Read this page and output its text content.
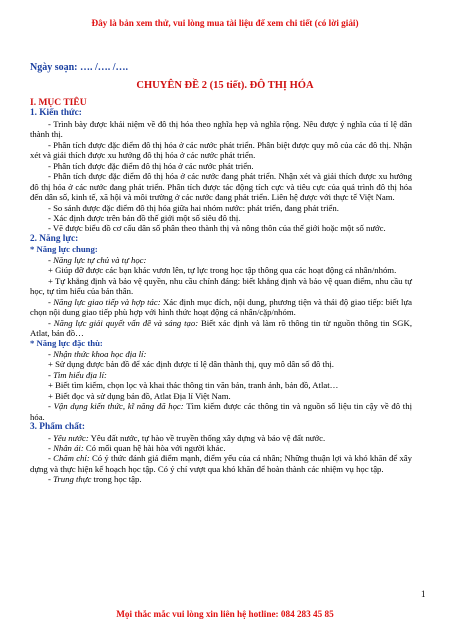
Đây là bản xem thử, vui lòng mua tài liệu để xem chi tiết (có lời giải)
Ngày soạn: …. /…. /….
CHUYÊN ĐỀ 2 (15 tiết). ĐÔ THỊ HÓA

I. MỤC TIÊU

1. Kiến thức:

- Trình bày được khái niệm về đô thị hóa theo nghĩa hẹp và nghĩa rộng. Nêu được ý nghĩa của tỉ lệ dân thành thị.

- Phân tích được đặc điểm đô thị hóa ở các nước phát triển. Phân biệt được quy mô của các đô thị. Nhận xét và giải thích được xu hướng đô thị hóa ở các nước phát triển.

- Phân tích được đặc điểm đô thị hóa ở các nước phát triển.

- Phân tích được đặc điểm đô thị hóa ở các nước đang phát triển. Nhận xét và giải thích được xu hướng đô thị hóa ở các nước đang phát triển. Phân tích được tác động tích cực và tiêu cực của quá trình đô thị hóa đến dân số, kinh tế, xã hội và môi trường ở các nước đang phát triển. Liên hệ được với thực tế Việt Nam.

- So sánh được đặc điểm đô thị hóa giữa hai nhóm nước: phát triển, đang phát triển.

- Xác định được trên bản đồ thế giới một số siêu đô thị.

- Vẽ được biểu đồ cơ cấu dân số phân theo thành thị và nông thôn của thế giới hoặc một số nước.

2. Năng lực:

* Năng lực chung:

- Năng lực tự chủ và tự học:

+ Giúp đỡ được các bạn khác vươn lên, tự lực trong học tập thông qua các hoạt động cá nhân/nhóm.

+ Tự khẳng định và bảo vệ quyền, nhu cầu chính đáng: biết khẳng định và bảo vệ quan điểm, nhu cầu tự học, tự tìm hiểu của bản thân.

- Năng lực giao tiếp và hợp tác: Xác định mục đích, nội dung, phương tiện và thái độ giao tiếp: biết lựa chọn nội dung giao tiếp phù hợp với hình thức hoạt động cá nhân/cặp/nhóm.

- Năng lực giải quyết vấn đề và sáng tạo: Biết xác định và làm rõ thông tin từ nguồn thông tin SGK, Atlat, bản đồ…

* Năng lực đặc thù:

- Nhận thức khoa học địa lí:

+ Sử dụng được bản đồ để xác định được tỉ lệ dân thành thị, quy mô dân số đô thị.

- Tìm hiểu địa lí:

+ Biết tìm kiếm, chọn lọc và khai thác thông tin văn bản, tranh ảnh, bản đồ, Atlat…

+ Biết đọc và sử dụng bản đồ, Atlat Địa lí Việt Nam.

- Vận dụng kiến thức, kĩ năng đã học: Tìm kiếm được các thông tin và nguồn số liệu tin cậy về đô thị hóa.

3. Phẩm chất:

- Yêu nước: Yêu đất nước, tự hào về truyền thống xây dựng và bảo vệ đất nước.

- Nhân ái: Có mối quan hệ hài hòa với người khác.

- Chăm chỉ: Có ý thức đánh giá điểm mạnh, điểm yếu của cá nhân; Những thuận lợi và khó khăn để xây dựng và thực hiện kế hoạch học tập. Có ý chí vượt qua khó khăn để hoàn thành các nhiệm vụ học tập.

- Trung thực trong học tập.

1
Mọi thắc mắc vui lòng xin liên hệ hotline: 084 283 45 85
